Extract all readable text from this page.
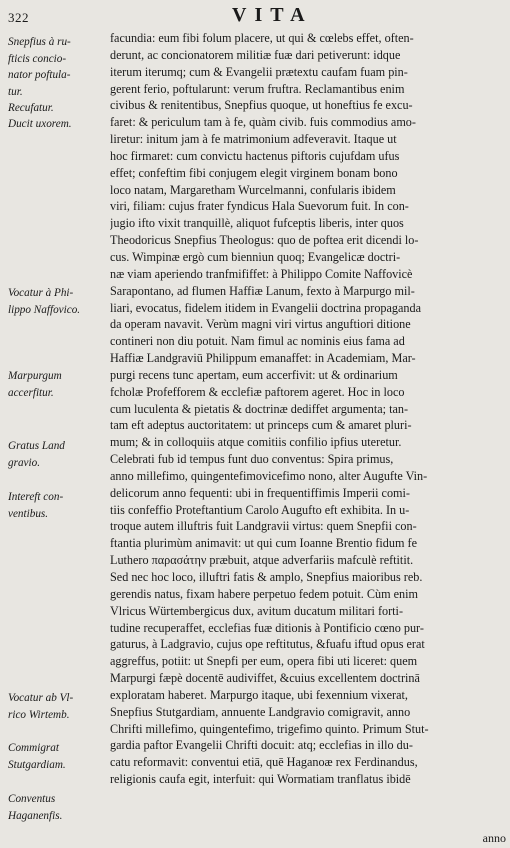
322	VITA
Snepfius à ru-
fticis concio-
nator poftula-
tur.
Recufatur.
Ducit uxorem.
Vocatur à Phi-
lippo Naffovico.
Marpurgum
accerfitur.
Gratus Land
gravio.
Intereft con-
ventibus.
Vocatur ab Vl-
rico Wirtemb.
Commigrat
Stutgardiam.
Conventus
Haganenfis.
facundia: eum fibi folum placere, ut qui & cœlebs effet, often-
derunt, ac concionatorem militiæ fuæ dari petiverunt: idque
iterum iterumq; cum & Evangelii prætextu caufam fuam pin-
gerent ferio, poftularunt: verum fruftra. Reclamantibus enim
civibus & renitentibus, Snepfius quoque, ut honeftius fe excu-
faret: & periculum tam à fe, quàm civib. fuis commodius amo-
liretur: initum jam à fe matrimonium adfeveravit. Itaque ut
hoc firmaret: cum convictu hactenus piftoris cujufdam ufus
effet; confeftim fibi conjugem elegit virginem bonam bono
loco natam, Margaretham Wurcelmanni, confularis ibidem
viri, filiam: cujus frater fyndicus Hala Suevorum fuit. In con-
jugio ifto vixit tranquillè, aliquot fufceptis liberis, inter quos
Theodoricus Snepfius Theologus: quo de poftea erit dicendi lo-
cus. Wimpinæ ergò cum bienniun quoq; Evangelicæ doctri-
næ viam aperiendo tranfmififfet: à Philippo Comite Naffovicè
Sarapontano, ad flumen Haffiæ Lanum, fexto à Marpurgo mil-
liari, evocatus, fidelem itidem in Evangelii doctrina propaganda
da operam navavit. Verùm magni viri virtus anguftiori ditione
contineri non diu potuit. Nam fimul ac nominis eius fama ad
Haffiæ Landgraviū Philippum emanaffet: in Academiam, Mar-
purgi recens tunc apertam, eum accerfivit: ut & ordinarium
fcholæ Profefforem & ecclefiæ paftorem ageret. Hoc in loco
cum luculenta & pietatis & doctrinæ dediffet argumenta; tan-
tam eft adeptus auctoritatem: ut princeps cum & amaret pluri-
mum; & in colloquiis atque comitiis confilio ipfius uteretur.
Celebrati fub id tempus funt duo conventus: Spira primus,
anno millefimo, quingentefimovicefimo nono, alter Augufte Vin-
delicorum anno fequenti: ubi in frequentiffimis Imperii comi-
tiis confeffio Proteftantium Carolo Augufto eft exhibita. In u-
troque autem illuftris fuit Landgravii virtus: quem Snepfii con-
ftantia plurimùm animavit: ut qui cum Ioanne Brentio fidum fe
Luthero παρασάτην præbuit, atque adverfariis mafculè reftitit.
Sed nec hoc loco, illuftri fatis & amplo, Snepfius maioribus reb.
gerendis natus, fixam habere perpetuo fedem potuit. Cùm enim
Vlricus Würtembergicus dux, avitum ducatum militari forti-
tudine recuperaffet, ecclefias fuæ ditionis à Pontificio cœno pur-
gaturus, à Ladgravio, cujus ope reftitutus, &fuafu iftud opus erat
aggreffus, potiit: ut Snepfi per eum, opera fibi uti liceret: quem
Marpurgi fæpè docentē audiviffet, &cuius excellentem doctrinā
exploratam haberet. Marpurgo itaque, ubi fexennium vixerat,
Snepfius Stutgardiam, annuente Landgravio comigravit, anno
Chrifti millefimo, quingentefimo, trigefimo quinto. Primum Stut-
gardia paftor Evangelii Chrifti docuit: atq; ecclefias in illo du-
catu reformavit: conventui etiā, quē Haganoæ rex Ferdinandus,
religionis caufa egit, interfuit: qui Wormatiam tranflatus ibidē
anno
